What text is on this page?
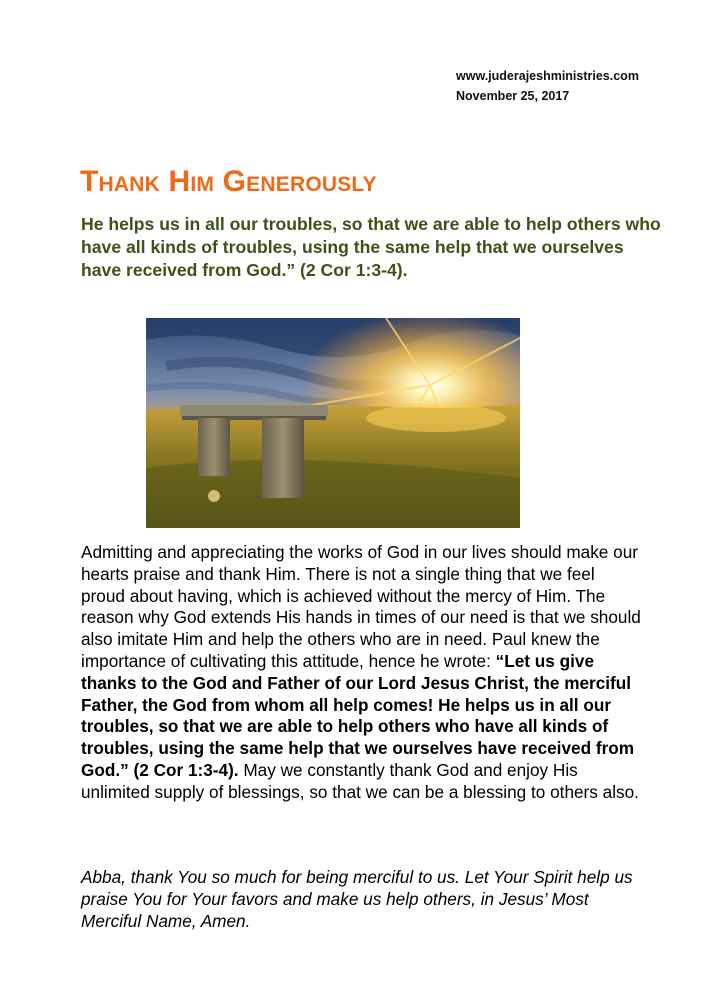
www.juderajeshministries.com
November 25, 2017
Thank Him Generously

He helps us in all our troubles, so that we are able to help others who have all kinds of troubles, using the same help that we ourselves have received from God.” (2 Cor 1:3-4).

Admitting and appreciating the works of God in our lives should make our hearts praise and thank Him. There is not a single thing that we feel proud about having, which is achieved without the mercy of Him. The reason why God extends His hands in times of our need is that we should also imitate Him and help the others who are in need. Paul knew the importance of cultivating this attitude, hence he wrote: “Let us give thanks to the God and Father of our Lord Jesus Christ, the merciful Father, the God from whom all help comes! He helps us in all our troubles, so that we are able to help others who have all kinds of troubles, using the same help that we ourselves have received from God.” (2 Cor 1:3-4). May we constantly thank God and enjoy His unlimited supply of blessings, so that we can be a blessing to others also.

Abba, thank You so much for being merciful to us. Let Your Spirit help us praise You for Your favors and make us help others, in Jesus’ Most Merciful Name, Amen.
